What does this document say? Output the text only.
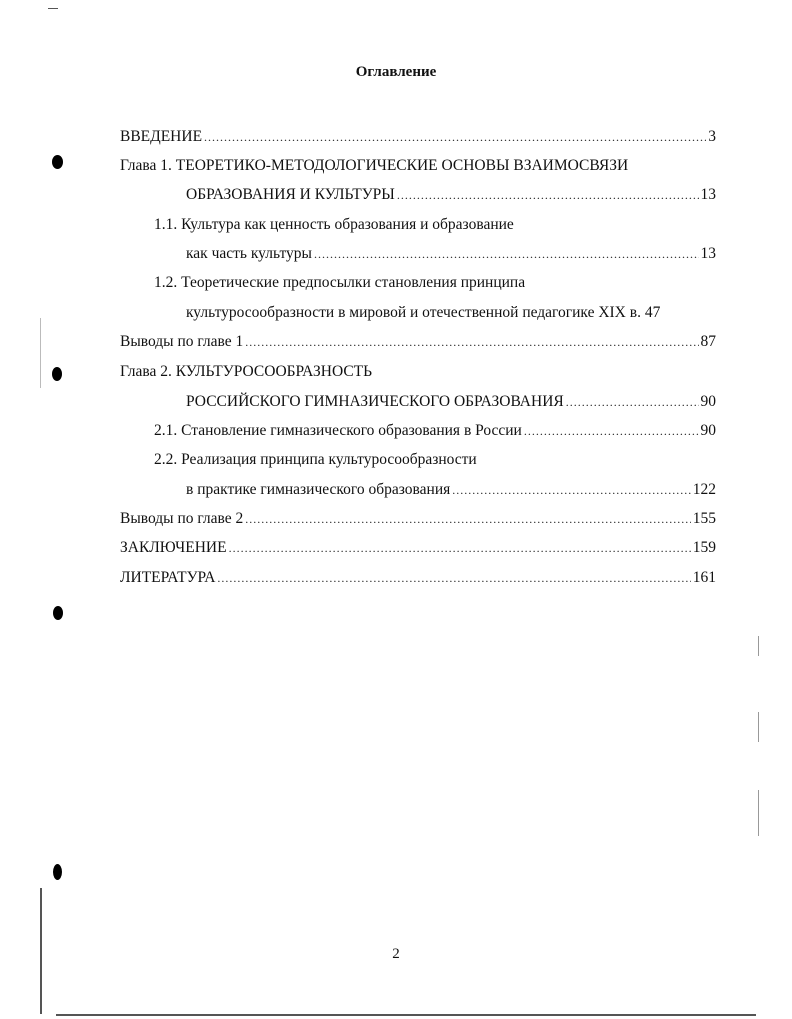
Оглавление
ВВЕДЕНИЕ .....	3
Глава 1. ТЕОРЕТИКО-МЕТОДОЛОГИЧЕСКИЕ ОСНОВЫ ВЗАИМОСВЯЗИ
ОБРАЗОВАНИЯ И КУЛЬТУРЫ .....	13
1.1. Культура как ценность образования и образование
как часть культуры .....	13
1.2. Теоретические предпосылки становления принципа
культуросообразности в мировой и отечественной педагогике XIX в. 47
Выводы по главе 1 .....	87
Глава 2. КУЛЬТУРОСООБРАЗНОСТЬ
РОССИЙСКОГО ГИМНАЗИЧЕСКОГО ОБРАЗОВАНИЯ .....	90
2.1. Становление гимназического образования в России .....	90
2.2. Реализация принципа культуросообразности
в практике гимназического образования .....	122
Выводы по главе 2 .....	155
ЗАКЛЮЧЕНИЕ .....	159
ЛИТЕРАТУРА .....	161
2
